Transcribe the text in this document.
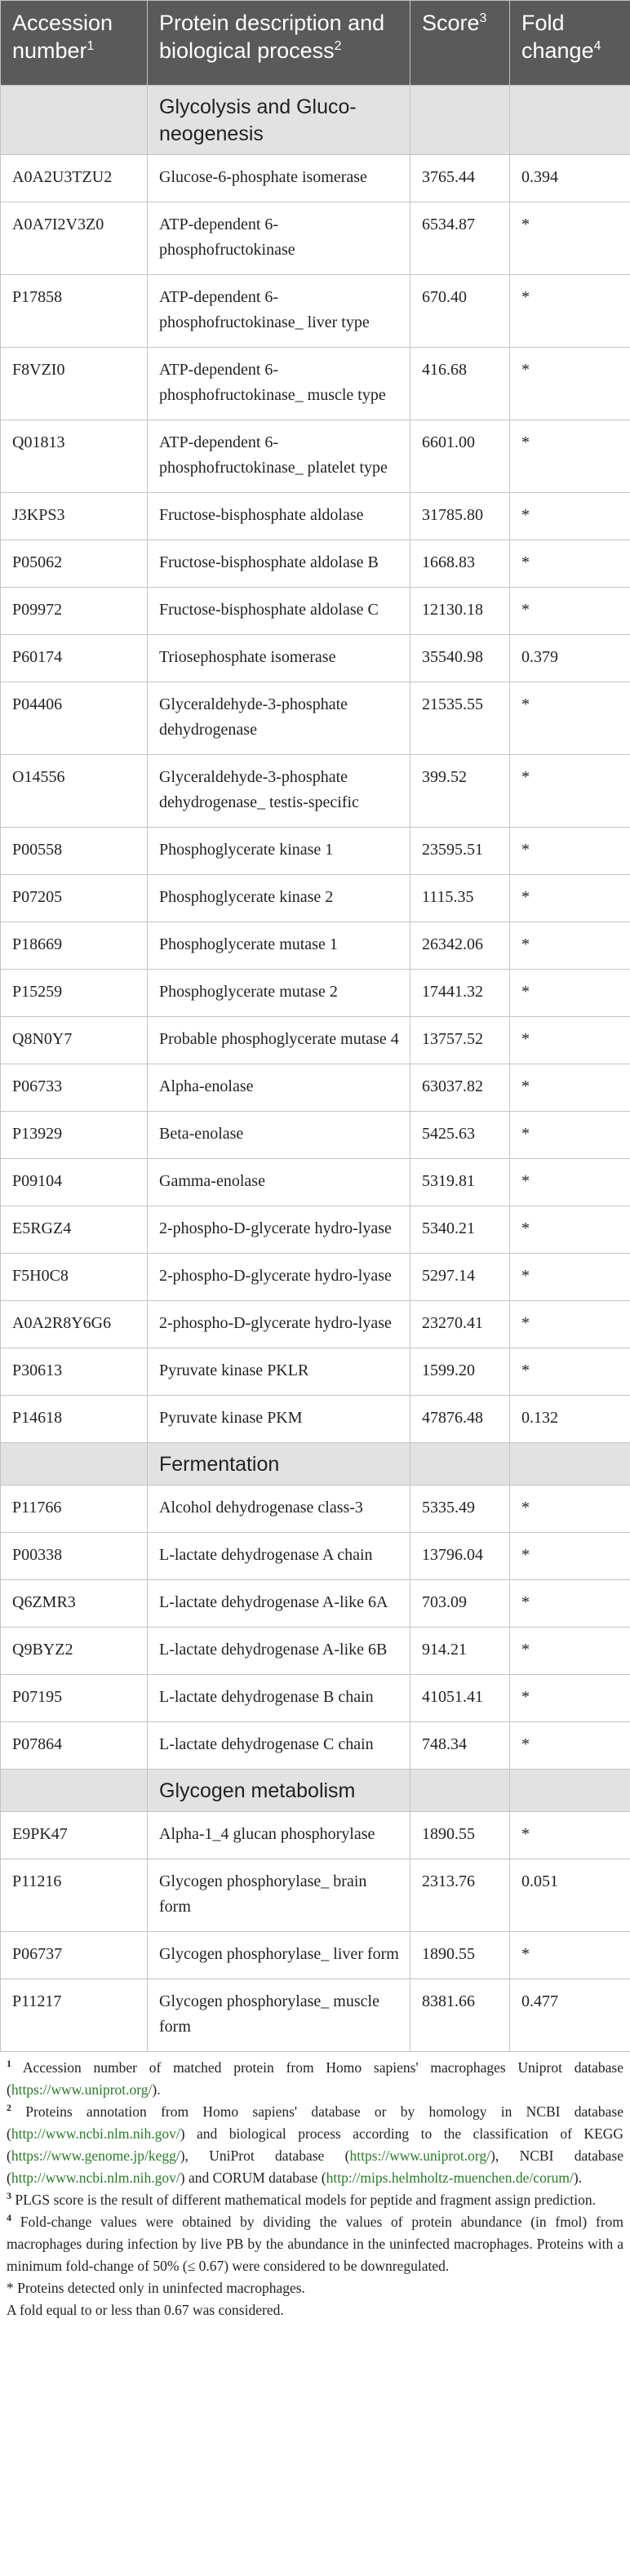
Accession number$^1$	Protein description and biological process$^2$	Score$^3$	Fold change$^4$
	Glycolysis and Gluco-neogenesis		
A0A2U3TZU2	Glucose-6-phosphate isomerase	3765.44	0.394
A0A7I2V3Z0	ATP-dependent 6-phosphofructokinase	6534.87	*
P17858	ATP-dependent 6-phosphofructokinase_ liver type	670.40	*
F8VZI0	ATP-dependent 6-phosphofructokinase_ muscle type	416.68	*
Q01813	ATP-dependent 6-phosphofructokinase_ platelet type	6601.00	*
J3KPS3	Fructose-bisphosphate aldolase	31785.80	*
P05062	Fructose-bisphosphate aldolase B	1668.83	*
P09972	Fructose-bisphosphate aldolase C	12130.18	*
P60174	Triosephosphate isomerase	35540.98	0.379
P04406	Glyceraldehyde-3-phosphate dehydrogenase	21535.55	*
O14556	Glyceraldehyde-3-phosphate dehydrogenase_ testis-specific	399.52	*
P00558	Phosphoglycerate kinase 1	23595.51	*
P07205	Phosphoglycerate kinase 2	1115.35	*
P18669	Phosphoglycerate mutase 1	26342.06	*
P15259	Phosphoglycerate mutase 2	17441.32	*
Q8N0Y7	Probable phosphoglycerate mutase 4	13757.52	*
P06733	Alpha-enolase	63037.82	*
P13929	Beta-enolase	5425.63	*
P09104	Gamma-enolase	5319.81	*
E5RGZ4	2-phospho-D-glycerate hydro-lyase	5340.21	*
F5H0C8	2-phospho-D-glycerate hydro-lyase	5297.14	*
A0A2R8Y6G6	2-phospho-D-glycerate hydro-lyase	23270.41	*
P30613	Pyruvate kinase PKLR	1599.20	*
P14618	Pyruvate kinase PKM	47876.48	0.132
	Fermentation		
P11766	Alcohol dehydrogenase class-3	5335.49	*
P00338	L-lactate dehydrogenase A chain	13796.04	*
Q6ZMR3	L-lactate dehydrogenase A-like 6A	703.09	*
Q9BYZ2	L-lactate dehydrogenase A-like 6B	914.21	*
P07195	L-lactate dehydrogenase B chain	41051.41	*
P07864	L-lactate dehydrogenase C chain	748.34	*
	Glycogen metabolism		
E9PK47	Alpha-1_4 glucan phosphorylase	1890.55	*
P11216	Glycogen phosphorylase_ brain form	2313.76	0.051
P06737	Glycogen phosphorylase_ liver form	1890.55	*
P11217	Glycogen phosphorylase_ muscle form	8381.66	0.477

$^1$ Accession number of matched protein from Homo sapiens' macrophages Uniprot database (https://www.uniprot.org/).

$^2$ Proteins annotation from Homo sapiens' database or by homology in NCBI database (http://www.ncbi.nlm.nih.gov/) and biological process according to the classification of KEGG (https://www.genome.jp/kegg/), UniProt database (https://www.uniprot.org/), NCBI database (http://www.ncbi.nlm.nih.gov/) and CORUM database (http://mips.helmholtz-muenchen.de/corum/).

$^3$ PLGS score is the result of different mathematical models for peptide and fragment assign prediction.

$^4$ Fold-change values were obtained by dividing the values of protein abundance (in fmol) from macrophages during infection by live PB by the abundance in the uninfected macrophages. Proteins with a minimum fold-change of 50% (≤ 0.67) were considered to be downregulated.

* Proteins detected only in uninfected macrophages.

A fold equal to or less than 0.67 was considered.
